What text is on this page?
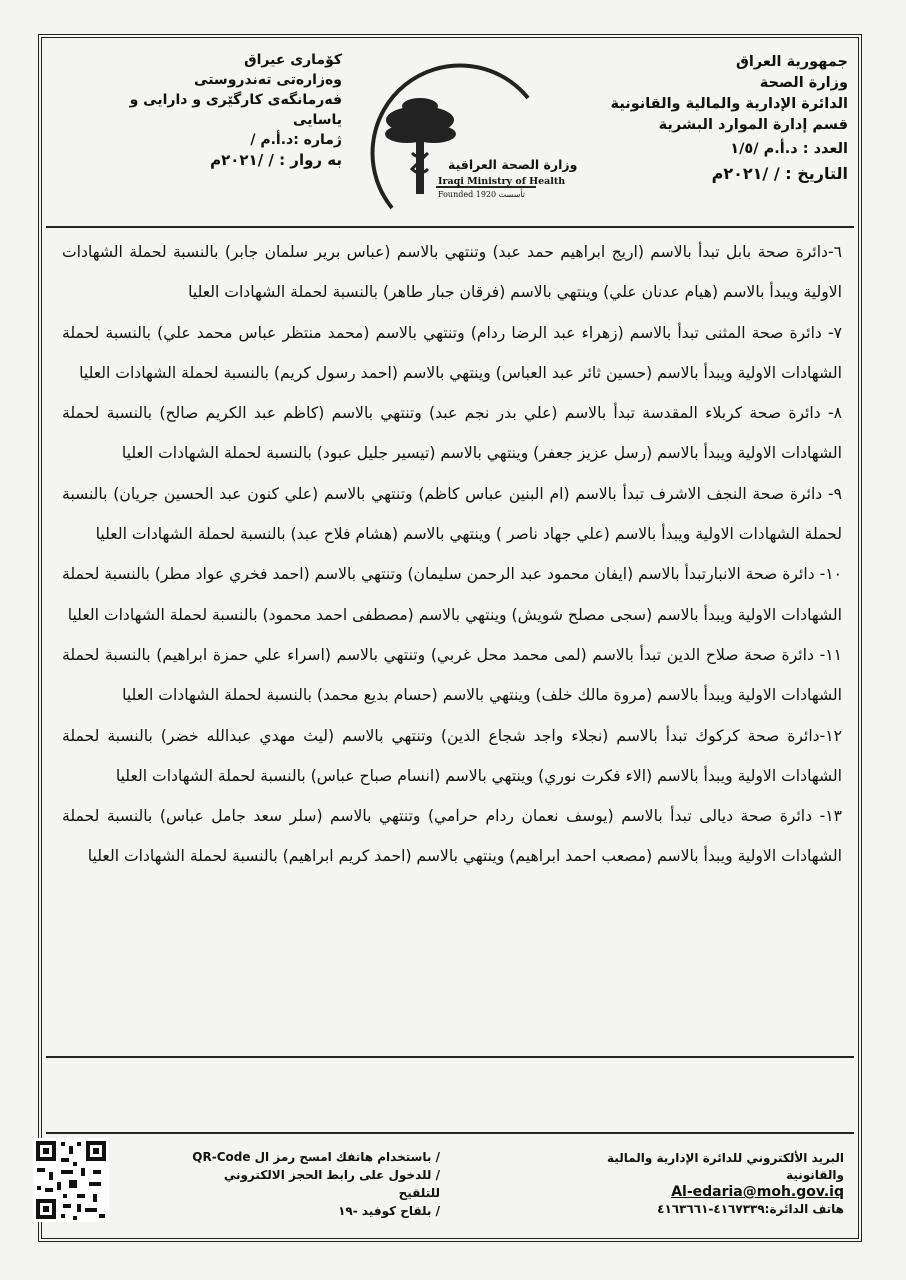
جمهورية العراق
وزارة الصحة
الدائرة الإدارية والمالية والقانونية
قسم إدارة الموارد البشرية
العدد : د.أ.م /١/٥
التاريخ : / /٢٠٢١م
كۆماری عیراق
وەزارەتی تەندروستی
فەرمانگەی کارگێری و دارایی و یاسایی
ژمارە :د.أ.م /
بە روار : / /٢٠٢١م	وزارة الصحة العراقية
Iraqi Ministry of Health
Founded 1920 تأسست

٦-دائرة صحة بابل تبدأ بالاسم (اريج ابراهيم حمد عبد) وتنتهي بالاسم (عباس برير سلمان جابر) بالنسبة لحملة الشهادات الاولية ويبدأ بالاسم (هيام عدنان علي) وينتهي بالاسم (فرقان جبار طاهر) بالنسبة لحملة الشهادات العليا

٧- دائرة صحة المثنى تبدأ بالاسم (زهراء عبد الرضا ردام) وتنتهي بالاسم (محمد منتظر عباس محمد علي) بالنسبة لحملة الشهادات الاولية ويبدأ بالاسم (حسين ثائر عبد العباس) وينتهي بالاسم (احمد رسول كريم) بالنسبة لحملة الشهادات العليا

٨- دائرة صحة كربلاء المقدسة تبدأ بالاسم (علي بدر نجم عبد) وتنتهي بالاسم (كاظم عبد الكريم صالح) بالنسبة لحملة الشهادات الاولية ويبدأ بالاسم (رسل عزيز جعفر) وينتهي بالاسم (تيسير جليل عبود) بالنسبة لحملة الشهادات العليا

٩- دائرة صحة النجف الاشرف تبدأ بالاسم (ام البنين عباس كاظم) وتنتهي بالاسم (علي كنون عبد الحسين جريان) بالنسبة لحملة الشهادات الاولية ويبدأ بالاسم (علي جهاد ناصر ) وينتهي بالاسم (هشام فلاح عبد) بالنسبة لحملة الشهادات العليا

١٠- دائرة صحة الانبارتبدأ بالاسم (ايفان محمود عبد الرحمن سليمان) وتنتهي بالاسم (احمد فخري عواد مطر) بالنسبة لحملة الشهادات الاولية ويبدأ بالاسم (سجى مصلح شويش) وينتهي بالاسم (مصطفى احمد محمود) بالنسبة لحملة الشهادات العليا

١١- دائرة صحة صلاح الدين تبدأ بالاسم (لمى محمد محل غربي) وتنتهي بالاسم (اسراء علي حمزة ابراهيم) بالنسبة لحملة الشهادات الاولية ويبدأ بالاسم (مروة مالك خلف) وينتهي بالاسم (حسام بديع محمد) بالنسبة لحملة الشهادات العليا

١٢-دائرة صحة كركوك تبدأ بالاسم (نجلاء واجد شجاع الدين) وتنتهي بالاسم (ليث مهدي عبدالله خضر) بالنسبة لحملة الشهادات الاولية ويبدأ بالاسم (الاء فكرت نوري) وينتهي بالاسم (انسام صباح عباس) بالنسبة لحملة الشهادات العليا

١٣- دائرة صحة ديالى تبدأ بالاسم (يوسف نعمان ردام حرامي) وتنتهي بالاسم (سلر سعد جامل عباس) بالنسبة لحملة الشهادات الاولية ويبدأ بالاسم (مصعب احمد ابراهيم) وينتهي بالاسم (احمد كريم ابراهيم) بالنسبة لحملة الشهادات العليا

البريد الألكتروني للدائرة الإدارية والمالية والقانونية
Al-edaria@moh.gov.iq
هاتف الدائرة:٤١٦٧٣٣٩-٤١٦٣٦٦١
/ باستخدام هاتفك امسح رمز ال QR-Code
/ للدخول على رابط الحجز الالكتروني للتلقيح
/ بلقاح كوفيد -١٩
